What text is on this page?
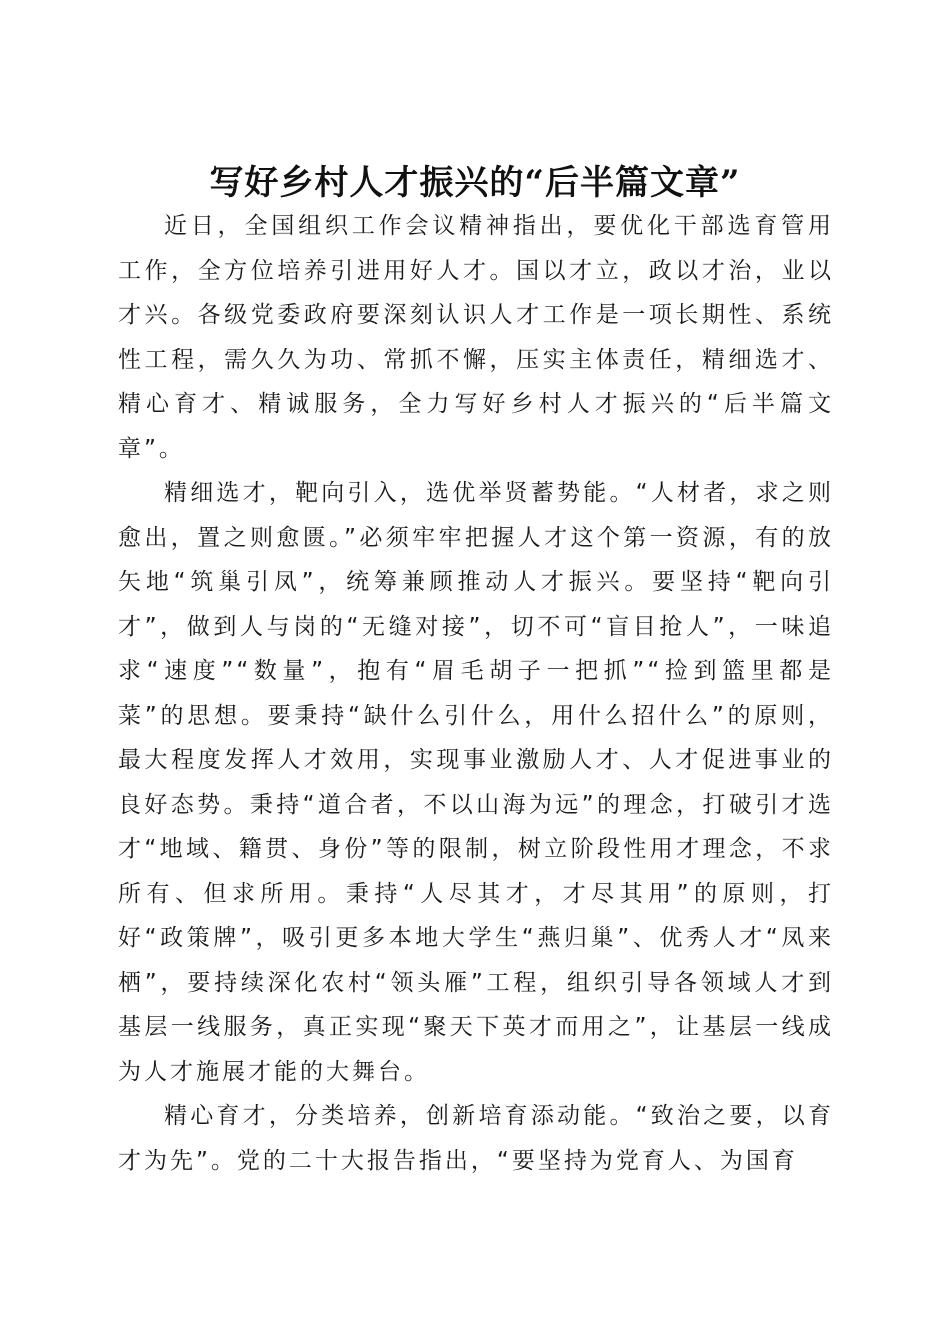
写好乡村人才振兴的“后半篇文章”

近日，全国组织工作会议精神指出，要优化干部选育管用工作，全方位培养引进用好人才。国以才立，政以才治，业以才兴。各级党委政府要深刻认识人才工作是一项长期性、系统性工程，需久久为功、常抓不懈，压实主体责任，精细选才、精心育才、精诚服务，全力写好乡村人才振兴的“后半篇文章”。

精细选才，靶向引入，选优举贤蓄势能。“人材者，求之则愈出，置之则愈匮。”必须牢牢把握人才这个第一资源，有的放矢地“筑巢引凤”，统筹兼顾推动人才振兴。要坚持“靶向引才”，做到人与岗的“无缝对接”，切不可“盲目抢人”，一味追求“速度”“数量”，抱有“眉毛胡子一把抓”“捡到篮里都是菜”的思想。要秉持“缺什么引什么，用什么招什么”的原则，最大程度发挥人才效用，实现事业激励人才、人才促进事业的良好态势。秉持“道合者，不以山海为远”的理念，打破引才选才“地域、籍贯、身份”等的限制，树立阶段性用才理念，不求所有、但求所用。秉持“人尽其才，才尽其用”的原则，打好“政策牌”，吸引更多本地大学生“燕归巢”、优秀人才“凤来栖”，要持续深化农村“领头雁”工程，组织引导各领域人才到基层一线服务，真正实现“聚天下英才而用之”，让基层一线成为人才施展才能的大舞台。

精心育才，分类培养，创新培育添动能。“致治之要，以育才为先”。党的二十大报告指出，“要坚持为党育人、为国育
